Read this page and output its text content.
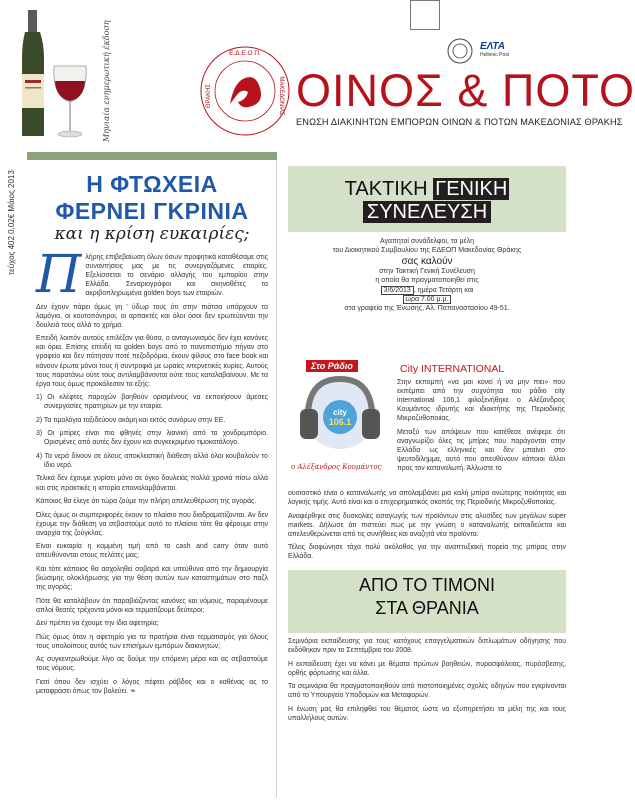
Μηνιαία ενημερωτική έκδοση	Ε.Δ.Ε.Ο.Π.
ΜΑΚΕΔΟΝΙΑΣ
ΘΡΑΚΗΣ ΟΙΝΟΣ & ΠΟΤΟ
ΕΝΩΣΗ ΔΙΑΚΙΝΗΤΩΝ ΕΜΠΟΡΩΝ ΟΙΝΩΝ & ΠΟΤΩΝ ΜΑΚΕΔΟΝΙΑΣ ΘΡΑΚΗΣ
ΕΛΤΑ
Hellenic Post
τεύχος 402 0,02€ Μάιος 2013	Η ΦΤΩΧΕΙΑ
ΦΕΡΝΕΙ ΓΚΡΙΝΙΑ
και η κρίση ευκαιρίες;

Πλήρης επιβεβαίωση όλων όσων προφητικά καταθέσαμε στις συναντήσεις μας με τις συνεργαζόμενες εταιρίες. Εξελίσσεται το σενάριο αλλαγής του εμπορίου στην Ελλάδα. Σεναριογράφοι και σκηνοθέτες τα ακριβοπληρωμένα golden boys των εταιριών.

Δεν έχουν πάρει όμως γη ' ύδωρ τους ότι στην πιάτσα υπάρχουν τα λαμόγια, οι κουτοπόνηροι, οι αρπακτές και όλοι όσοι δεν ερωτεύονται την δουλειά τους αλλά το χρήμα.

Επειδή λοιπόν αυτούς επιλέξαν για θύσα, ο ανταγωνισμός δεν έχει κανόνες και όρια. Επίσης επειδή τα golden boys από το πανεπιστήμιο πήγαν στο γραφείο και δεν πάτησαν ποτέ πεζοδρόμια, έκουν φίλους στο face book και κάνουν έρωτα μόνοι τους ή συντροφιά με ωραίες ιντερνετικές κυρίες. Αυτούς τους παρατάνω ούτε τους αντιλαμβάνονται ούτε τους καταλαβαίνουν. Με τα έργα τους όμως προκάλεσαν τα εξής:

1) Οι κλέφτες παροχών βοηθούν ορισμένους να εκποιήσουν άμεσες συνεργασίες πρατηρίων με την εταιρία.

2) Τα τιμολόγια ταξιδεύουν ακόμη και εκτός συνόρων στην ΕΕ.

3) Οι μπίρες είναι πιο φθηνές στην λιανική από το χονδρεμπόριο. Ορισμένες από αυτές δεν έχουν και συγκεκριμένο τιμοκατάλογο.

4) Τα νερά δίνουν σε όλους αποκλειστική διάθεση αλλά όλοι κουβαλούν το ίδιο νερό.

Τελικά δεν έχουμε γυρίσει μόνο σε όγκο δουλειάς πολλά χρονιά πίσω αλλά και στις πρακτικές η ιστορία επαναλαμβάνεται.

Κάποιος θα έλεγε ότι τώρα ζούμε την πλήρη απελευθέρωση της αγοράς.

Όλες όμως οι συμπεριφορές έκουν το πλαίσιο που διαδραματίζονται. Αν δεν έχουμε την διάθεση να σεβαστούμε αυτό το πλαίσιο τότε θα φέρουμε στην αναρχία της ζούγκλας.

Είναι ευκαιρία η κομμένη τιμή από το cash and carry όταν αυτά απευθύνονται στους πελάτες μας;

Και τότε κάποιος θα ασχοληθεί σοβαρά και υπεύθυνα από την δημιουργία βιώσιμης ολοκλήρωσης για την θέση αυτών των καταστημάτων στο παζλ της αγοράς;

Πότε θα καταλάβουν ότι παραβιάζοντας κανόνες και νόμους, παραμένουμε απλοί θεατές τρέχοντα μόνοι και τερματίζουμε δεύτεροι;

Δεν πρέπει να έχουμε την ίδια αφετηρία;

Πώς όμως όταν η αφετηρία για τα πρατήρια είναι τερματισμός για όλους τους υπολοίπους αυτός των επισήμων εμπόρων διακινητών;

Ας συγκεντρωθούμε λίγο ας δούμε την επόμενη μέρα και ας σεβαστούμε τους νόμους.

Γιατί όπου δεν ισχύει ο λόγος πέφτει ράβδος και ο καθένας ας το μεταφράσει όπως τον βολεύει. ❧

ΤΑΚΤΙΚΗ ΓΕΝΙΚΗ
ΣΥΝΕΛΕΥΣΗ
Αγαπητοί συνάδελφοι, τα μέλη
του Διοικητικού Συμβουλίου της ΕΔΕΟΠ Μακεδονίας Θράκης
σας καλούν
στην Τακτική Γενική Συνέλευση
η οποία θα πραγματοποιηθεί στις
3/6/2013 , ημέρα Τετάρτη και
ώρα 7.00 μ.μ.
στα γραφεία της Ένωσης, Αλ. Παπαναστασίου 49-51.
city
106.1
Στο Ράδιο	City INTERNATIONAL
ο Αλέξανδρος Κουμάντος

Στην εκπομπή «να μαι κονεί ή να μην πιει» που εκπέμπει από την συχνότητα του ράδιο city international 106,1 φιλοξενήθηκε ο Αλέξανδρος Κουμάντος ιδρυτής και ιδιοκτήτης της Περιοδικής Μικροζυθοποιίας.

Μεταξύ των απόψεων που κατέθεσε ανέφερε ότι αναγνωρίζει όλες τις μπίρες που παράγονται στην Ελλάδα ως ελληνικές και δεν μπαίνει στο ψευτοδίλημμα, αυτό που απευθύνουν κάποιοι άλλοι προς τον καταναλωτή. Άλλωστε το

ουσιαστικό είναι ο καταναλωτής να απολαμβάνει μια καλή μπίρα ανώτερης ποιότητας και λογικής τιμής. Αυτό είναι και ο επιχειρηματικός σκοπός της Περιοδικής Μικροζυθοποιίας.

Αναφέρθηκε στις δυσκολίες εισαγωγής των προϊόντων στις αλυσίδες των μεγάλων super markets. Δήλωσε ότι πιστεύει πως με την γνώση ο καταναλωτής εκπαιδεύεται και απελευθερώνεται από τις συνήθειες και αναζητά νέα προϊόντα.

Τέλος διαφώνησε τάχα πολύ ακόλοθος για την αναπτυξιακή πορεία της μπίρας στην Ελλάδα.

ΑΠΟ ΤΟ ΤΙΜΟΝΙ
ΣΤΑ ΘΡΑΝΙΑ

Σεμινάρια εκπαίδευσης για τους κατόχους επαγγελματικών διπλωμάτων οδήγησης που εκδόθηκαν πριν το Σεπτέμβριο του 2008.

Η εκπαίδευση έχει να κάνει με θέματα πρώτων βοηθειών, πυρασφάλειας, πυρόσβεσης, ορθής φόρτωσης και άλλα.

Τα σεμινάρια θα πραγματοποιηθούν από πιστοποιημένες σχολές οδηγών που εγκρίνονται από το Υπουργείο Υποδομών και Μεταφορών.

Η ένωση μας θα επιληφθεί του θέματος ώστε να εξυπηρετήσει τα μέλη της και τους υπαλλήλους αυτών.
